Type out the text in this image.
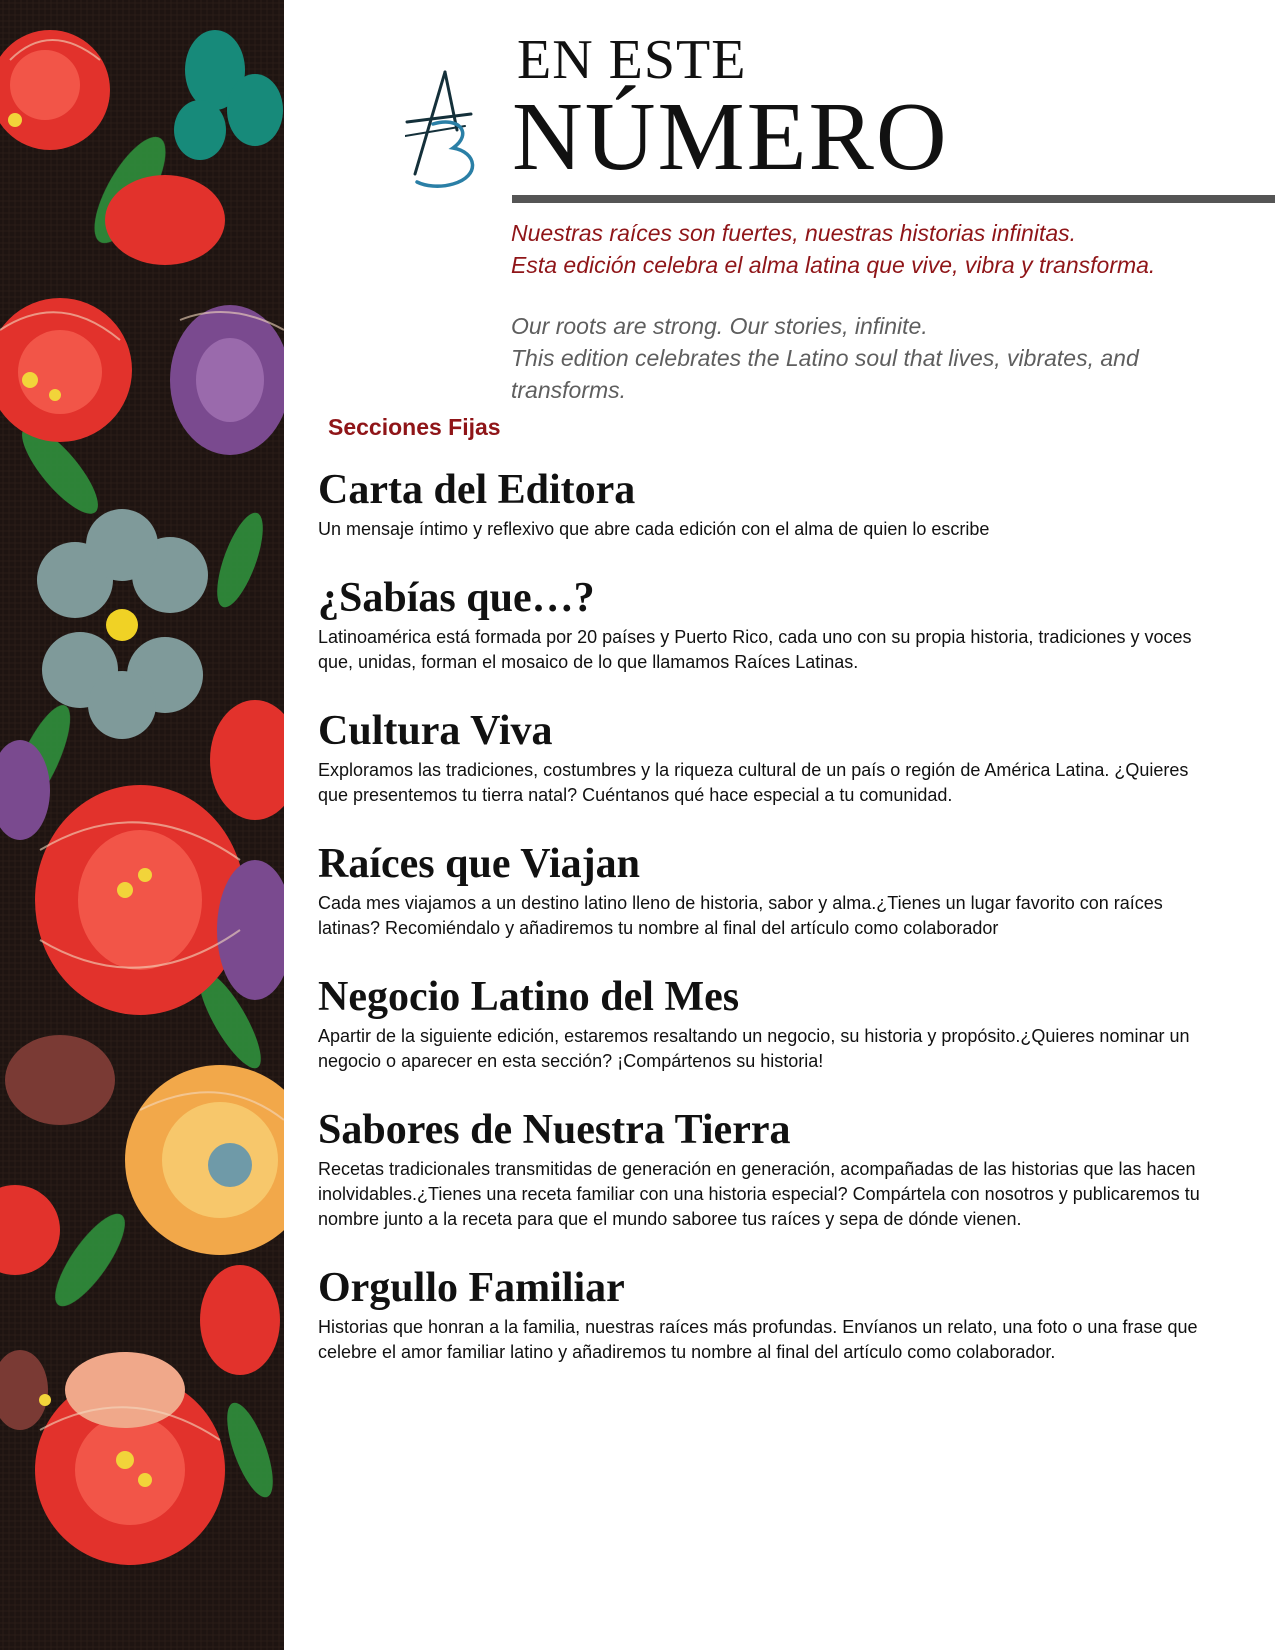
EN ESTE
NÚMERO

Nuestras raíces son fuertes, nuestras historias infinitas.
Esta edición celebra el alma latina que vive, vibra y transforma.

Our roots are strong. Our stories, infinite.
This edition celebrates the Latino soul that lives, vibrates, and transforms.

Secciones Fijas
Carta del Editora

Un mensaje íntimo y reflexivo que abre cada edición con el alma de quien lo escribe

¿Sabías que…?

Latinoamérica está formada por 20 países y Puerto Rico, cada uno con su propia historia, tradiciones y voces que, unidas, forman el mosaico de lo que llamamos Raíces Latinas.

Cultura Viva

Exploramos las tradiciones, costumbres y la riqueza cultural de un país o región de América Latina. ¿Quieres que presentemos tu tierra natal? Cuéntanos qué hace especial a tu comunidad.

Raíces que Viajan

Cada mes viajamos a un destino latino lleno de historia, sabor y alma.¿Tienes un lugar favorito con raíces latinas? Recomiéndalo y añadiremos tu nombre al final del artículo como colaborador

Negocio Latino del Mes

Apartir de la siguiente edición, estaremos resaltando un negocio, su historia y propósito.¿Quieres nominar un negocio o aparecer en esta sección? ¡Compártenos su historia!

Sabores de Nuestra Tierra

Recetas tradicionales transmitidas de generación en generación, acompañadas de las historias que las hacen inolvidables.¿Tienes una receta familiar con una historia especial? Compártela con nosotros y publicaremos tu nombre junto a la receta para que el mundo saboree tus raíces y sepa de dónde vienen.

Orgullo Familiar

Historias que honran a la familia, nuestras raíces más profundas. Envíanos un relato, una foto o una frase que celebre el amor familiar latino y añadiremos tu nombre al final del artículo como colaborador.
